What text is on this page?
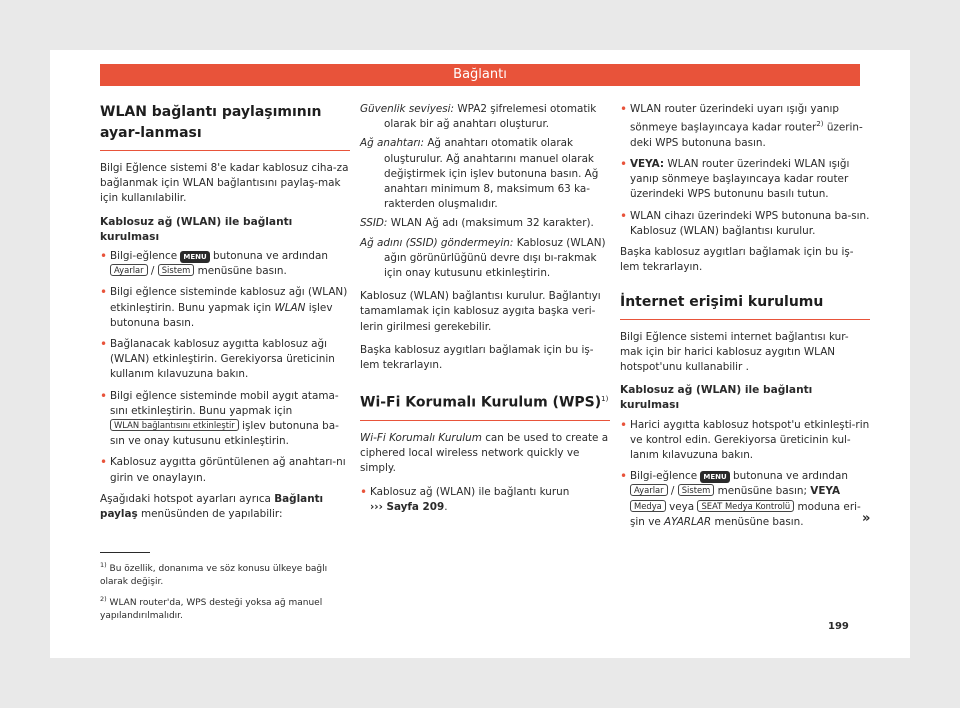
Bağlantı
WLAN bağlantı paylaşımının ayar-lanması

Bilgi Eğlence sistemi 8'e kadar kablosuz ciha-za bağlanmak için WLAN bağlantısını paylaş-mak için kullanılabilir.

Kablosuz ağ (WLAN) ile bağlantı kurulması
• Bilgi-eğlence MENU butonuna ve ardından Ayarlar / Sistem menüsüne basın.
• Bilgi eğlence sisteminde kablosuz ağı (WLAN) etkinleştirin. Bunu yapmak için WLAN işlev butonuna basın.
• Bağlanacak kablosuz aygıtta kablosuz ağı (WLAN) etkinleştirin. Gerekiyorsa üreticinin kullanım kılavuzuna bakın.
• Bilgi eğlence sisteminde mobil aygıt atama-sını etkinleştirin. Bunu yapmak için WLAN bağlantısını etkinleştir işlev butonuna ba-sın ve onay kutusunu etkinleştirin.
• Kablosuz aygıtta görüntülenen ağ anahtarı-nı girin ve onaylayın.

Aşağıdaki hotspot ayarları ayrıca Bağlantı paylaş menüsünden de yapılabilir:

Güvenlik seviyesi: WPA2 şifrelemesi otomatik olarak bir ağ anahtarı oluşturur.
Ağ anahtarı: Ağ anahtarı otomatik olarak oluşturulur. Ağ anahtarını manuel olarak değiştirmek için işlev butonuna basın. Ağ anahtarı minimum 8, maksimum 63 ka-rakterden oluşmalıdır.
SSID: WLAN Ağ adı (maksimum 32 karakter).
Ağ adını (SSID) göndermeyin: Kablosuz (WLAN) ağın görünürlüğünü devre dışı bı-rakmak için onay kutusunu etkinleştirin.

Kablosuz (WLAN) bağlantısı kurulur. Bağlantıyı tamamlamak için kablosuz aygıta başka veri-lerin girilmesi gerekebilir.

Başka kablosuz aygıtları bağlamak için bu iş-lem tekrarlayın.

Wi-Fi Korumalı Kurulum (WPS)$^{1)}$

Wi-Fi Korumalı Kurulum can be used to create a ciphered local wireless network quickly ve simply.

• Kablosuz ağ (WLAN) ile bağlantı kurun
››› Sayfa 209.
• WLAN router üzerindeki uyarı ışığı yanıp sönmeye başlayıncaya kadar router$^{2)}$ üzerin-deki WPS butonuna basın.
• VEYA: WLAN router üzerindeki WLAN ışığı yanıp sönmeye başlayıncaya kadar router üzerindeki WPS butonunu basılı tutun.
• WLAN cihazı üzerindeki WPS butonuna ba-sın. Kablosuz (WLAN) bağlantısı kurulur.

Başka kablosuz aygıtları bağlamak için bu iş-lem tekrarlayın.

İnternet erişimi kurulumu

Bilgi Eğlence sistemi internet bağlantısı kur-mak için bir harici kablosuz aygıtın WLAN hotspot'unu kullanabilir .

Kablosuz ağ (WLAN) ile bağlantı kurulması
• Harici aygıtta kablosuz hotspot'u etkinleşti-rin ve kontrol edin. Gerekiyorsa üreticinin kul-lanım kılavuzuna bakın.
• Bilgi-eğlence MENU butonuna ve ardından Ayarlar / Sistem menüsüne basın; VEYA Medya veya SEAT Medya Kontrolü moduna eri-şin ve AYARLAR menüsüne basın.	»

$^{1)}$ Bu özellik, donanıma ve söz konusu ülkeye bağlı olarak değişir.

$^{2)}$ WLAN router'da, WPS desteği yoksa ağ manuel yapılandırılmalıdır.

199
